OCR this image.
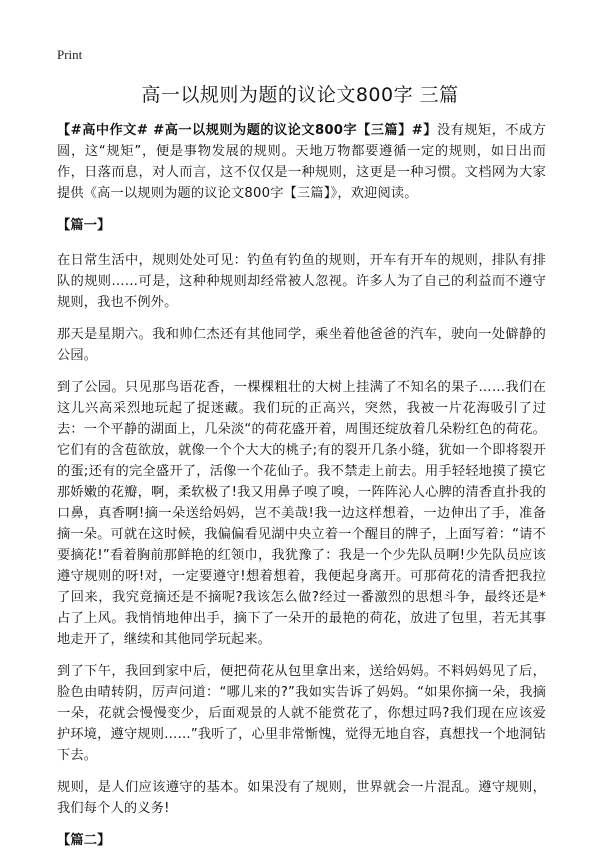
Print
高一以规则为题的议论文800字 三篇

【#高中作文# #高一以规则为题的议论文800字【三篇】#】没有规矩，不成方圆，这“规矩”，便是事物发展的规则。天地万物都要遵循一定的规则，如日出而作，日落而息，对人而言，这不仅仅是一种规则，这更是一种习惯。文档网为大家提供《高一以规则为题的议论文800字【三篇】》，欢迎阅读。

【篇一】

在日常生活中，规则处处可见：钓鱼有钓鱼的规则，开车有开车的规则，排队有排队的规则……可是，这种种规则却经常被人忽视。许多人为了自己的利益而不遵守规则，我也不例外。

那天是星期六。我和帅仁杰还有其他同学，乘坐着他爸爸的汽车，驶向一处僻静的公园。

到了公园。只见那鸟语花香，一棵棵粗壮的大树上挂满了不知名的果子……我们在这儿兴高采烈地玩起了捉迷藏。我们玩的正高兴，突然，我被一片花海吸引了过去：一个平静的湖面上，几朵淡“的荷花盛开着，周围还绽放着几朵粉红色的荷花。它们有的含苞欲放，就像一个个大大的桃子;有的裂开几条小缝，犹如一个即将裂开的蛋;还有的完全盛开了，活像一个花仙子。我不禁走上前去。用手轻轻地摸了摸它那娇嫩的花瓣，啊，柔软极了!我又用鼻子嗅了嗅，一阵阵沁人心脾的清香直扑我的口鼻，真香啊!摘一朵送给妈妈，岂不美哉!我一边这样想着，一边伸出了手，准备摘一朵。可就在这时候，我偏偏看见湖中央立着一个醒目的牌子，上面写着：“请不要摘花!”看着胸前那鲜艳的红领巾，我犹豫了：我是一个少先队员啊!少先队员应该遵守规则的呀!对，一定要遵守!想着想着，我便起身离开。可那荷花的清香把我拉了回来，我究竟摘还是不摘呢?我该怎么做?经过一番激烈的思想斗争，最终还是*占了上风。我悄悄地伸出手，摘下了一朵开的最艳的荷花，放进了包里，若无其事地走开了，继续和其他同学玩起来。

到了下午，我回到家中后，便把荷花从包里拿出来，送给妈妈。不料妈妈见了后，脸色由晴转阴，厉声问道：“哪儿来的?”我如实告诉了妈妈。“如果你摘一朵，我摘一朵，花就会慢慢变少，后面观景的人就不能赏花了，你想过吗?我们现在应该爱护环境，遵守规则……”我听了，心里非常惭愧，觉得无地自容，真想找一个地洞钻下去。

规则，是人们应该遵守的基本。如果没有了规则，世界就会一片混乱。遵守规则，我们每个人的义务!

【篇二】
